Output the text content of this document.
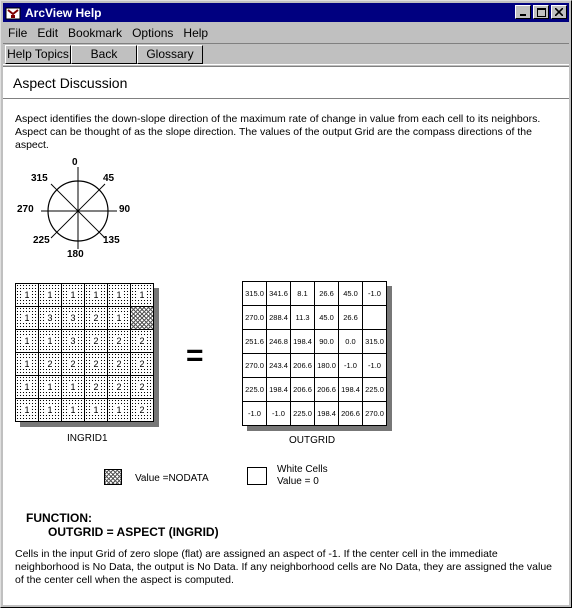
ArcView Help
File Edit Bookmark Options Help
Help Topics	Back	Glossary
Aspect Discussion
Aspect identifies the down-slope direction of the maximum rate of change in value from each cell to its neighbors. Aspect can be thought of as the slope direction. The values of the output Grid are the compass directions of the aspect.
0
45
90
135
180
225
270
315
1 1 1 1 1 1
1 3 3 2 1
1 1 3 2 2 2
1 2 2 2 2 2
1 1 1 2 2 2
1 1 1 1 1 2
INGRID1
=
315.0 341.6	8.1	26.6	45.0	-1.0
270.0 288.4	11.3	45.0	26.6
251.6 246.8 198.4 90.0	0.0	315.0
270.0 243.4 206.6 180.0	-1.0	-1.0
225.0 198.4 206.6 206.6 198.4 225.0
-1.0	-1.0	225.0 198.4 206.6 270.0
OUTGRID
Value =NODATA
White Cells
Value = 0
FUNCTION:
OUTGRID = ASPECT (INGRID)
Cells in the input Grid of zero slope (flat) are assigned an aspect of -1. If the center cell in the immediate neighborhood is No Data, the output is No Data. If any neighborhood cells are No Data, they are assigned the value of the center cell when the aspect is computed.
